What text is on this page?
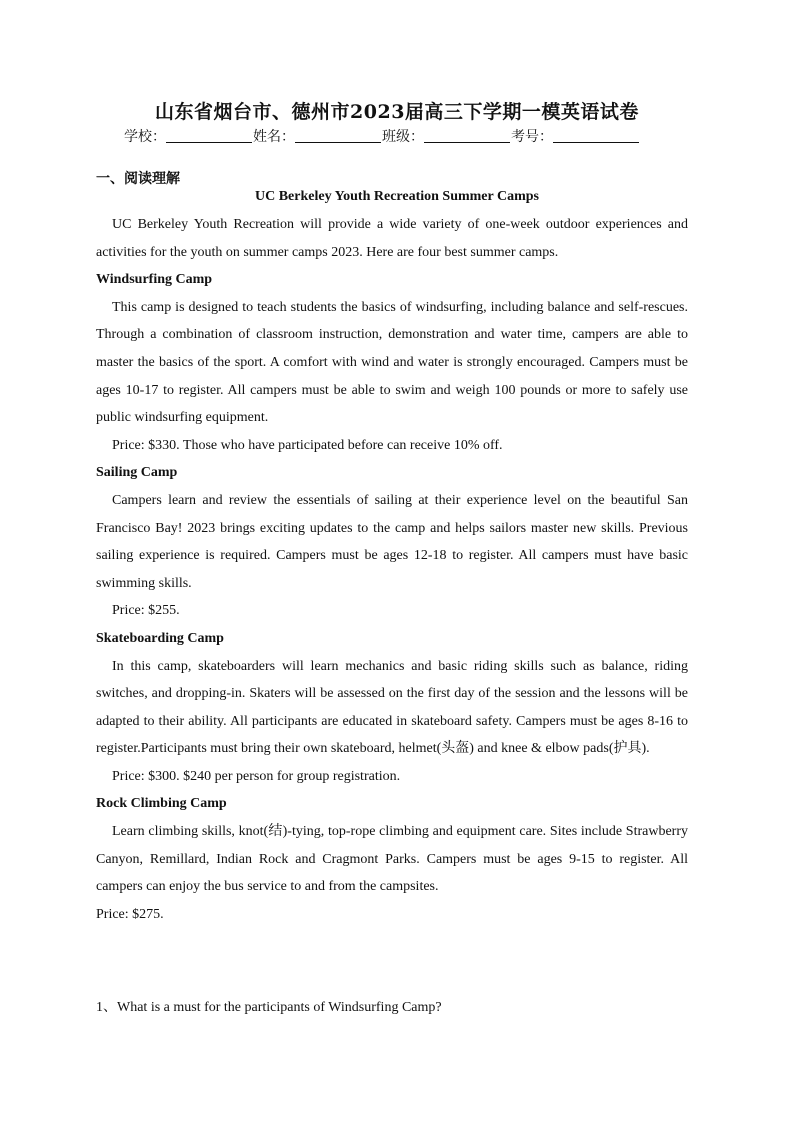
山东省烟台市、德州市2023届高三下学期一模英语试卷
学校：	姓名：	班级：	考号：
一、阅读理解
UC Berkeley Youth Recreation Summer Camps

UC Berkeley Youth Recreation will provide a wide variety of one-week outdoor experiences and activities for the youth on summer camps 2023. Here are four best summer camps.

Windsurfing Camp

This camp is designed to teach students the basics of windsurfing, including balance and self-rescues. Through a combination of classroom instruction, demonstration and water time, campers are able to master the basics of the sport. A comfort with wind and water is strongly encouraged. Campers must be ages 10-17 to register. All campers must be able to swim and weigh 100 pounds or more to safely use public windsurfing equipment.

Price: $330. Those who have participated before can receive 10% off.

Sailing Camp

Campers learn and review the essentials of sailing at their experience level on the beautiful San Francisco Bay! 2023 brings exciting updates to the camp and helps sailors master new skills. Previous sailing experience is required. Campers must be ages 12-18 to register. All campers must have basic swimming skills.

Price: $255.

Skateboarding Camp

In this camp, skateboarders will learn mechanics and basic riding skills such as balance, riding switches, and dropping-in. Skaters will be assessed on the first day of the session and the lessons will be adapted to their ability. All participants are educated in skateboard safety. Campers must be ages 8-16 to register.Participants must bring their own skateboard, helmet(头盔) and knee & elbow pads(护具).

Price: $300. $240 per person for group registration.

Rock Climbing Camp

Learn climbing skills, knot(结)-tying, top-rope climbing and equipment care. Sites include Strawberry Canyon, Remillard, Indian Rock and Cragmont Parks. Campers must be ages 9-15 to register. All campers can enjoy the bus service to and from the campsites.

Price: $275.

1、What is a must for the participants of Windsurfing Camp?
